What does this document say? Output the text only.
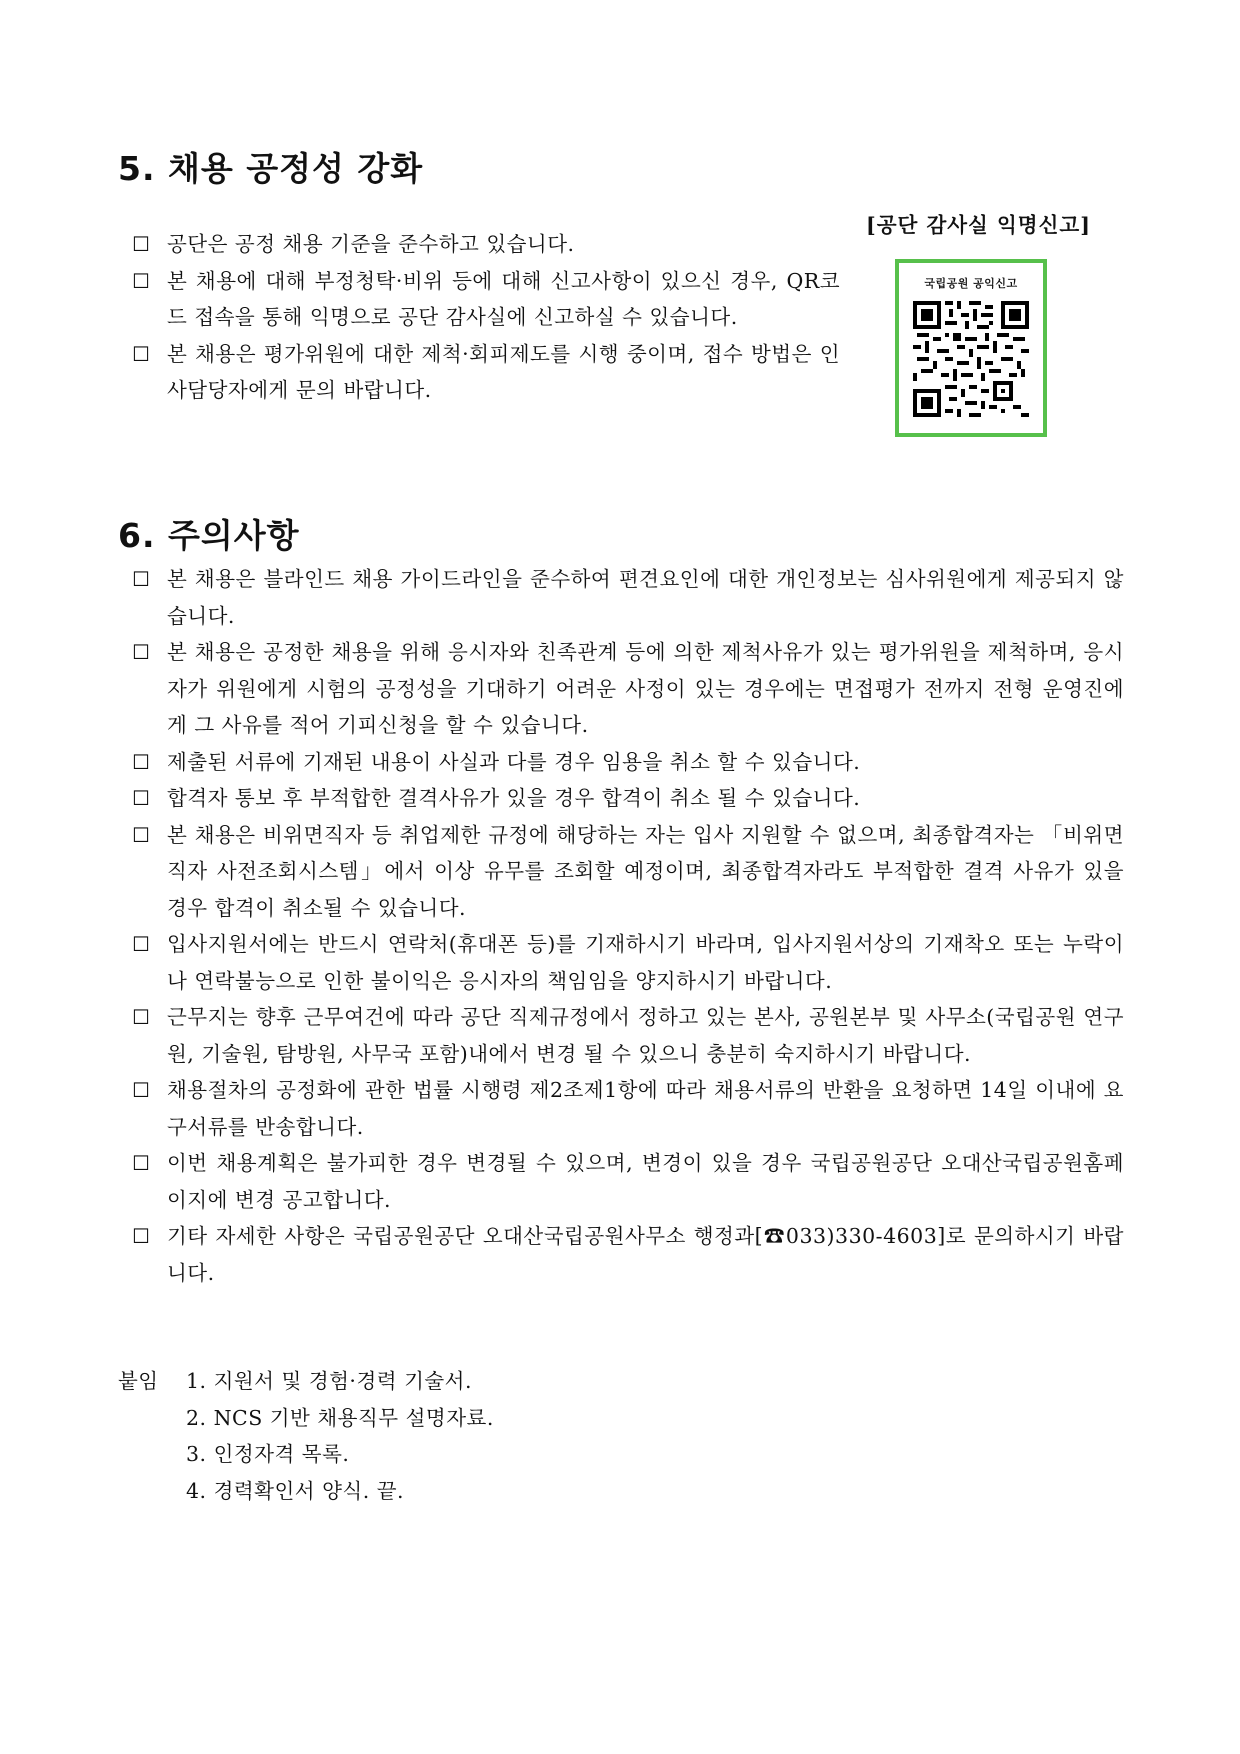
5. 채용 공정성 강화
☐ 공단은 공정 채용 기준을 준수하고 있습니다.
☐ 본 채용에 대해 부정청탁·비위 등에 대해 신고사항이 있으신 경우, QR코드 접속을 통해 익명으로 공단 감사실에 신고하실 수 있습니다.
☐ 본 채용은 평가위원에 대한 제척·회피제도를 시행 중이며, 접수 방법은 인사담당자에게 문의 바랍니다.
[공단 감사실 익명신고]
국립공원 공익신고
6. 주의사항
☐ 본 채용은 블라인드 채용 가이드라인을 준수하여 편견요인에 대한 개인정보는 심사위원에게 제공되지 않습니다.
☐ 본 채용은 공정한 채용을 위해 응시자와 친족관계 등에 의한 제척사유가 있는 평가위원을 제척하며, 응시자가 위원에게 시험의 공정성을 기대하기 어려운 사정이 있는 경우에는 면접평가 전까지 전형 운영진에게 그 사유를 적어 기피신청을 할 수 있습니다.
☐ 제출된 서류에 기재된 내용이 사실과 다를 경우 임용을 취소 할 수 있습니다.
☐ 합격자 통보 후 부적합한 결격사유가 있을 경우 합격이 취소 될 수 있습니다.
☐ 본 채용은 비위면직자 등 취업제한 규정에 해당하는 자는 입사 지원할 수 없으며, 최종합격자는 「비위면직자 사전조회시스템」에서 이상 유무를 조회할 예정이며, 최종합격자라도 부적합한 결격 사유가 있을 경우 합격이 취소될 수 있습니다.
☐ 입사지원서에는 반드시 연락처(휴대폰 등)를 기재하시기 바라며, 입사지원서상의 기재착오 또는 누락이나 연락불능으로 인한 불이익은 응시자의 책임임을 양지하시기 바랍니다.
☐ 근무지는 향후 근무여건에 따라 공단 직제규정에서 정하고 있는 본사, 공원본부 및 사무소(국립공원 연구원, 기술원, 탐방원, 사무국 포함)내에서 변경 될 수 있으니 충분히 숙지하시기 바랍니다.
☐ 채용절차의 공정화에 관한 법률 시행령 제2조제1항에 따라 채용서류의 반환을 요청하면 14일 이내에 요구서류를 반송합니다.
☐ 이번 채용계획은 불가피한 경우 변경될 수 있으며, 변경이 있을 경우 국립공원공단 오대산국립공원홈페이지에 변경 공고합니다.
☐ 기타 자세한 사항은 국립공원공단 오대산국립공원사무소 행정과[☎033)330-4603]로 문의하시기 바랍니다.
붙임	1. 지원서 및 경험·경력 기술서.
2. NCS 기반 채용직무 설명자료.
3. 인정자격 목록.
4. 경력확인서 양식. 끝.
